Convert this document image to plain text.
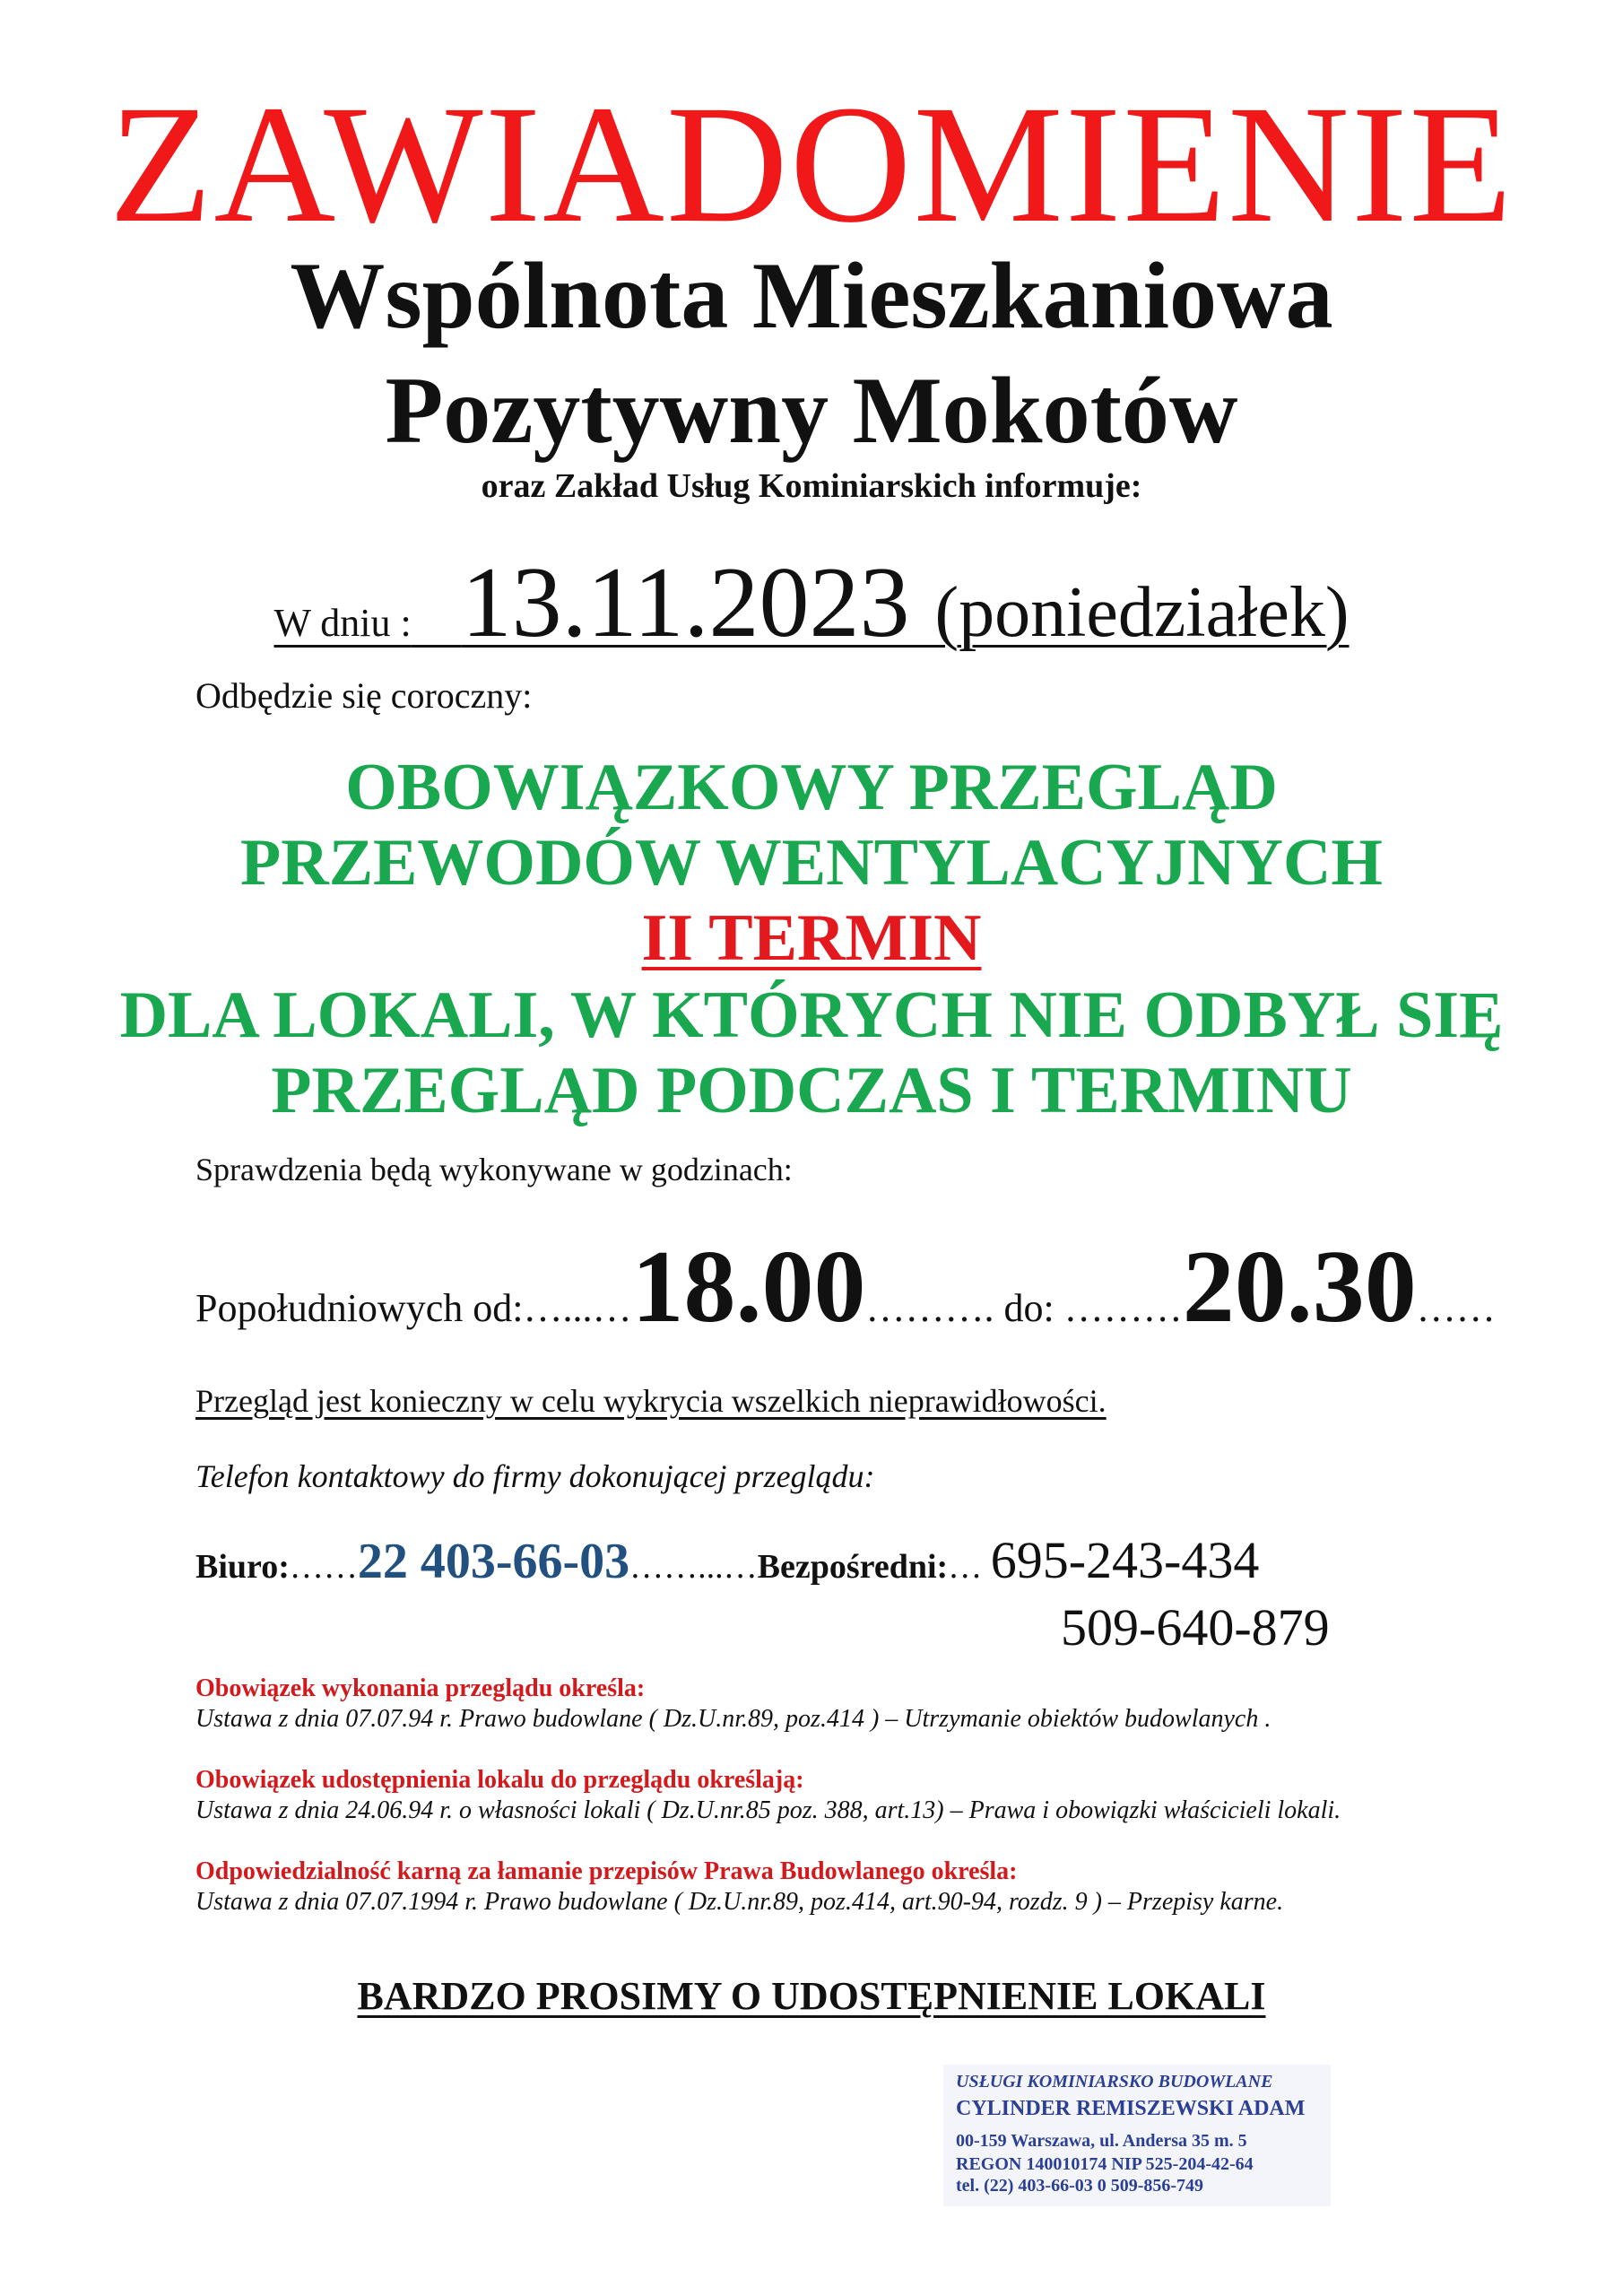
ZAWIADOMIENIE
Wspólnota Mieszkaniowa
Pozytywny Mokotów
oraz Zakład Usług Kominiarskich informuje:
W dniu : 13.11.2023 (poniedziałek)
Odbędzie się coroczny:
OBOWIĄZKOWY PRZEGLĄD
PRZEWODÓW WENTYLACYJNYCH
II TERMIN
DLA LOKALI, W KTÓRYCH NIE ODBYŁ SIĘ
PRZEGLĄD PODCZAS I TERMINU
Sprawdzenia będą wykonywane w godzinach:
Popołudniowych od:…...…18.00………. do: ………20.30……
Przegląd jest konieczny w celu wykrycia wszelkich nieprawidłowości.
Telefon kontaktowy do firmy dokonującej przeglądu:
Biuro:……22 403-66-03……...…Bezpośredni:… 695-243-434
509-640-879
Obowiązek wykonania przeglądu określa:
Ustawa z dnia 07.07.94 r. Prawo budowlane ( Dz.U.nr.89, poz.414 ) – Utrzymanie obiektów budowlanych .
Obowiązek udostępnienia lokalu do przeglądu określają:
Ustawa z dnia 24.06.94 r. o własności lokali ( Dz.U.nr.85 poz. 388, art.13) – Prawa i obowiązki właścicieli lokali.
Odpowiedzialność karną za łamanie przepisów Prawa Budowlanego określa:
Ustawa z dnia 07.07.1994 r. Prawo budowlane ( Dz.U.nr.89, poz.414, art.90-94, rozdz. 9 ) – Przepisy karne.
BARDZO PROSIMY O UDOSTĘPNIENIE LOKALI
USŁUGI KOMINIARSKO BUDOWLANE
CYLINDER REMISZEWSKI ADAM
00-159 Warszawa, ul. Andersa 35 m. 5
REGON 140010174 NIP 525-204-42-64
tel. (22) 403-66-03 0 509-856-749
